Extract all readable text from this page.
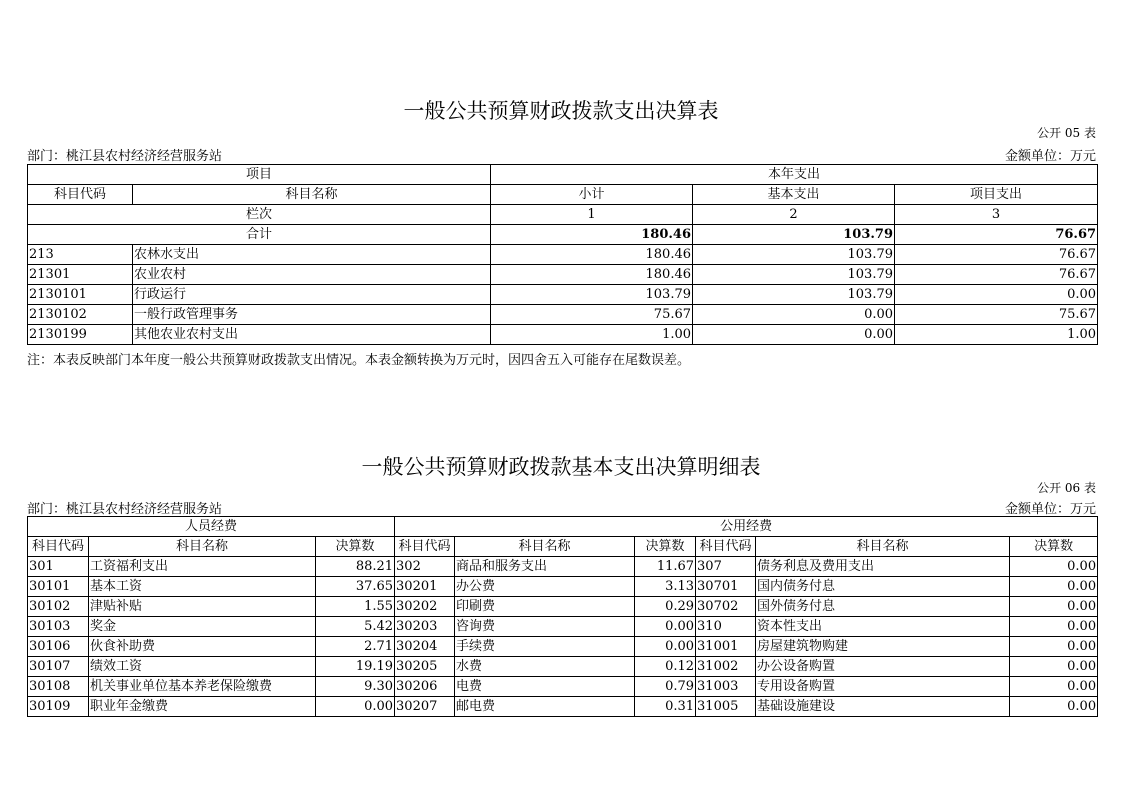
一般公共预算财政拨款支出决算表
公开 05 表
部门：桃江县农村经济经营服务站	金额单位：万元
项目		本年支出		
科目代码	科目名称	小计	基本支出	项目支出
栏次		1	2	3
合计		180.46	103.79	76.67
213	农林水支出	180.46	103.79	76.67
21301	农业农村	180.46	103.79	76.67
2130101	行政运行	103.79	103.79	0.00
2130102	一般行政管理事务	75.67	0.00	75.67
2130199	其他农业农村支出	1.00	0.00	1.00
注：本表反映部门本年度一般公共预算财政拨款支出情况。本表金额转换为万元时，因四舍五入可能存在尾数误差。
一般公共预算财政拨款基本支出决算明细表
公开 06 表
部门：桃江县农村经济经营服务站	金额单位：万元
人员经费			公用经费					
科目代码	科目名称	决算数	科目代码	科目名称	决算数	科目代码	科目名称	决算数
301	工资福利支出	88.21	302	商品和服务支出	11.67	307	债务利息及费用支出	0.00
30101	基本工资	37.65	30201	办公费	3.13	30701	国内债务付息	0.00
30102	津贴补贴	1.55	30202	印刷费	0.29	30702	国外债务付息	0.00
30103	奖金	5.42	30203	咨询费	0.00	310	资本性支出	0.00
30106	伙食补助费	2.71	30204	手续费	0.00	31001	房屋建筑物购建	0.00
30107	绩效工资	19.19	30205	水费	0.12	31002	办公设备购置	0.00
30108	机关事业单位基本养老保险缴费	9.30	30206	电费	0.79	31003	专用设备购置	0.00
30109	职业年金缴费	0.00	30207	邮电费	0.31	31005	基础设施建设	0.00
